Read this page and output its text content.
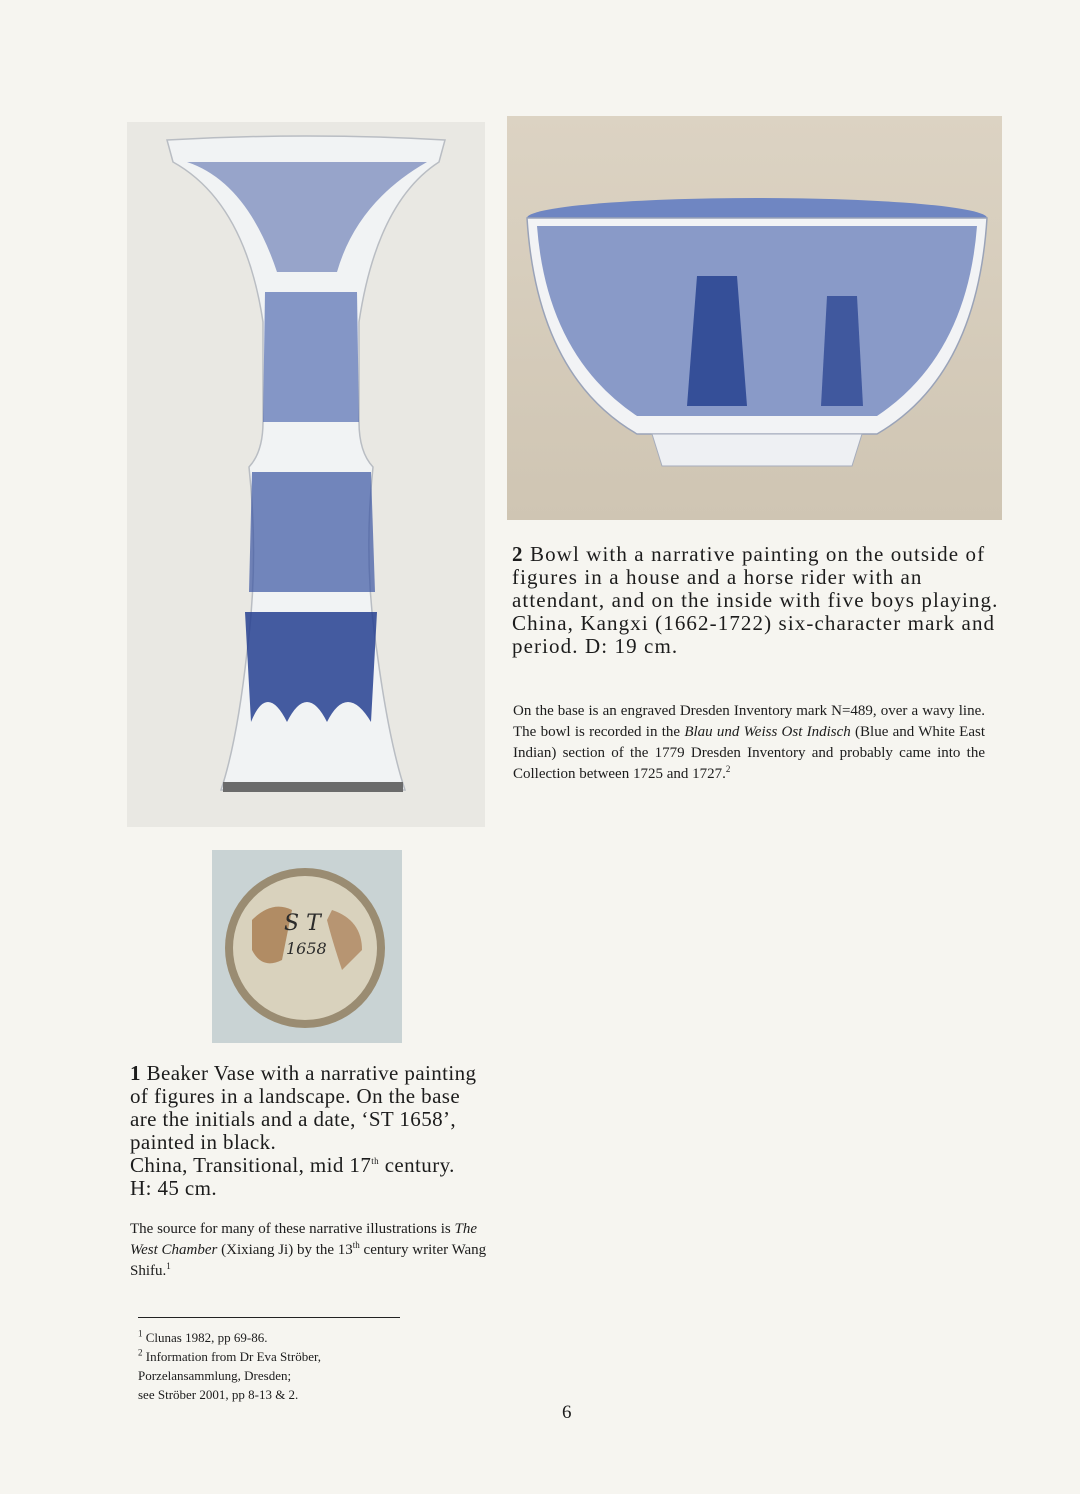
S T
1658

2 Bowl with a narrative painting on the outside of figures in a house and a horse rider with an attendant, and on the inside with five boys playing.
China, Kangxi (1662-1722) six-character mark and period. D: 19 cm.

On the base is an engraved Dresden Inventory mark N=489, over a wavy line. The bowl is recorded in the Blau und Weiss Ost Indisch (Blue and White East Indian) section of the 1779 Dresden Inventory and probably came into the Collection between 1725 and 1727.$^2$

1 Beaker Vase with a narrative painting of figures in a landscape. On the base are the initials and a date, ‘ST 1658’, painted in black.
China, Transitional, mid 17th century.
H: 45 cm.

The source for many of these narrative illustrations is The West Chamber (Xixiang Ji) by the 13th century writer Wang Shifu.$^1$

$^1$ Clunas 1982, pp 69-86.
$^2$ Information from Dr Eva Ströber,
Porzelansammlung, Dresden;
see Ströber 2001, pp 8-13 & 2.
6
